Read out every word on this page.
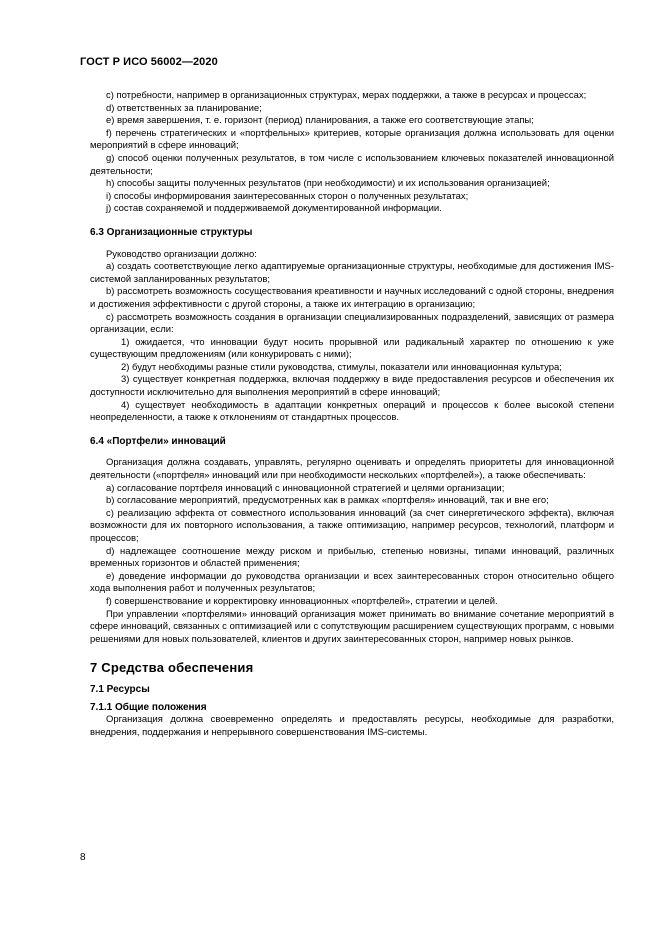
ГОСТ Р ИСО 56002—2020

c) потребности, например в организационных структурах, мерах поддержки, а также в ресурсах и процессах;

d) ответственных за планирование;

e) время завершения, т. е. горизонт (период) планирования, а также его соответствующие этапы;

f) перечень стратегических и «портфельных» критериев, которые организация должна использовать для оценки мероприятий в сфере инноваций;

g) способ оценки полученных результатов, в том числе с использованием ключевых показателей инновационной деятельности;

h) способы защиты полученных результатов (при необходимости) и их использования организацией;

i) способы информирования заинтересованных сторон о полученных результатах;

j) состав сохраняемой и поддерживаемой документированной информации.

6.3 Организационные структуры

Руководство организации должно:

a) создать соответствующие легко адаптируемые организационные структуры, необходимые для достижения IMS-системой запланированных результатов;

b) рассмотреть возможность сосуществования креативности и научных исследований с одной стороны, внедрения и достижения эффективности с другой стороны, а также их интеграцию в организацию;

c) рассмотреть возможность создания в организации специализированных подразделений, зависящих от размера организации, если:

1) ожидается, что инновации будут носить прорывной или радикальный характер по отношению к уже существующим предложениям (или конкурировать с ними);

2) будут необходимы разные стили руководства, стимулы, показатели или инновационная культура;

3) существует конкретная поддержка, включая поддержку в виде предоставления ресурсов и обеспечения их доступности исключительно для выполнения мероприятий в сфере инноваций;

4) существует необходимость в адаптации конкретных операций и процессов к более высокой степени неопределенности, а также к отклонениям от стандартных процессов.

6.4 «Портфели» инноваций

Организация должна создавать, управлять, регулярно оценивать и определять приоритеты для инновационной деятельности («портфеля» инноваций или при необходимости нескольких «портфелей»), а также обеспечивать:

a) согласование портфеля инноваций с инновационной стратегией и целями организации;

b) согласование мероприятий, предусмотренных как в рамках «портфеля» инноваций, так и вне его;

c) реализацию эффекта от совместного использования инноваций (за счет синергетического эффекта), включая возможности для их повторного использования, а также оптимизацию, например ресурсов, технологий, платформ и процессов;

d) надлежащее соотношение между риском и прибылью, степенью новизны, типами инноваций, различных временных горизонтов и областей применения;

e) доведение информации до руководства организации и всех заинтересованных сторон относительно общего хода выполнения работ и полученных результатов;

f) совершенствование и корректировку инновационных «портфелей», стратегии и целей.

При управлении «портфелями» инноваций организация может принимать во внимание сочетание мероприятий в сфере инноваций, связанных с оптимизацией или с сопутствующим расширением существующих программ, с новыми решениями для новых пользователей, клиентов и других заинтересованных сторон, например новых рынков.

7 Средства обеспечения

7.1 Ресурсы

7.1.1 Общие положения

Организация должна своевременно определять и предоставлять ресурсы, необходимые для разработки, внедрения, поддержания и непрерывного совершенствования IMS-системы.

8
